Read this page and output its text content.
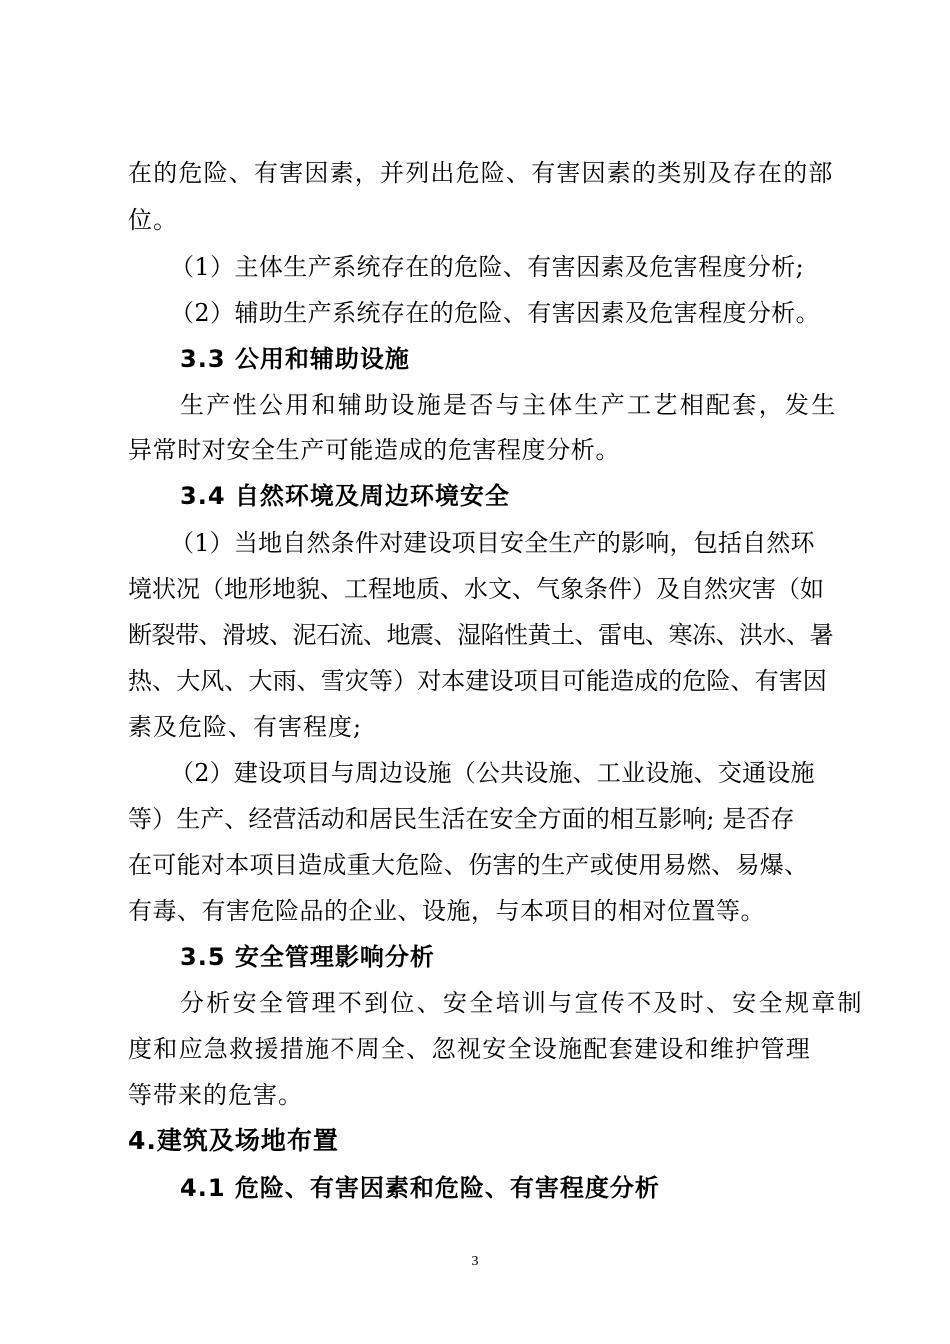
在的危险、有害因素，并列出危险、有害因素的类别及存在的部
位。
（1）主体生产系统存在的危险、有害因素及危害程度分析;
（2）辅助生产系统存在的危险、有害因素及危害程度分析。
3.3 公用和辅助设施
生产性公用和辅助设施是否与主体生产工艺相配套，发生
异常时对安全生产可能造成的危害程度分析。
3.4 自然环境及周边环境安全
（1）当地自然条件对建设项目安全生产的影响，包括自然环
境状况（地形地貌、工程地质、水文、气象条件）及自然灾害（如
断裂带、滑坡、泥石流、地震、湿陷性黄土、雷电、寒冻、洪水、暑
热、大风、大雨、雪灾等）对本建设项目可能造成的危险、有害因
素及危险、有害程度;
（2）建设项目与周边设施（公共设施、工业设施、交通设施
等）生产、经营活动和居民生活在安全方面的相互影响; 是否存
在可能对本项目造成重大危险、伤害的生产或使用易燃、易爆、
有毒、有害危险品的企业、设施，与本项目的相对位置等。
3.5 安全管理影响分析
分析安全管理不到位、安全培训与宣传不及时、安全规章制
度和应急救援措施不周全、忽视安全设施配套建设和维护管理
等带来的危害。
4.建筑及场地布置
4.1 危险、有害因素和危险、有害程度分析
3
